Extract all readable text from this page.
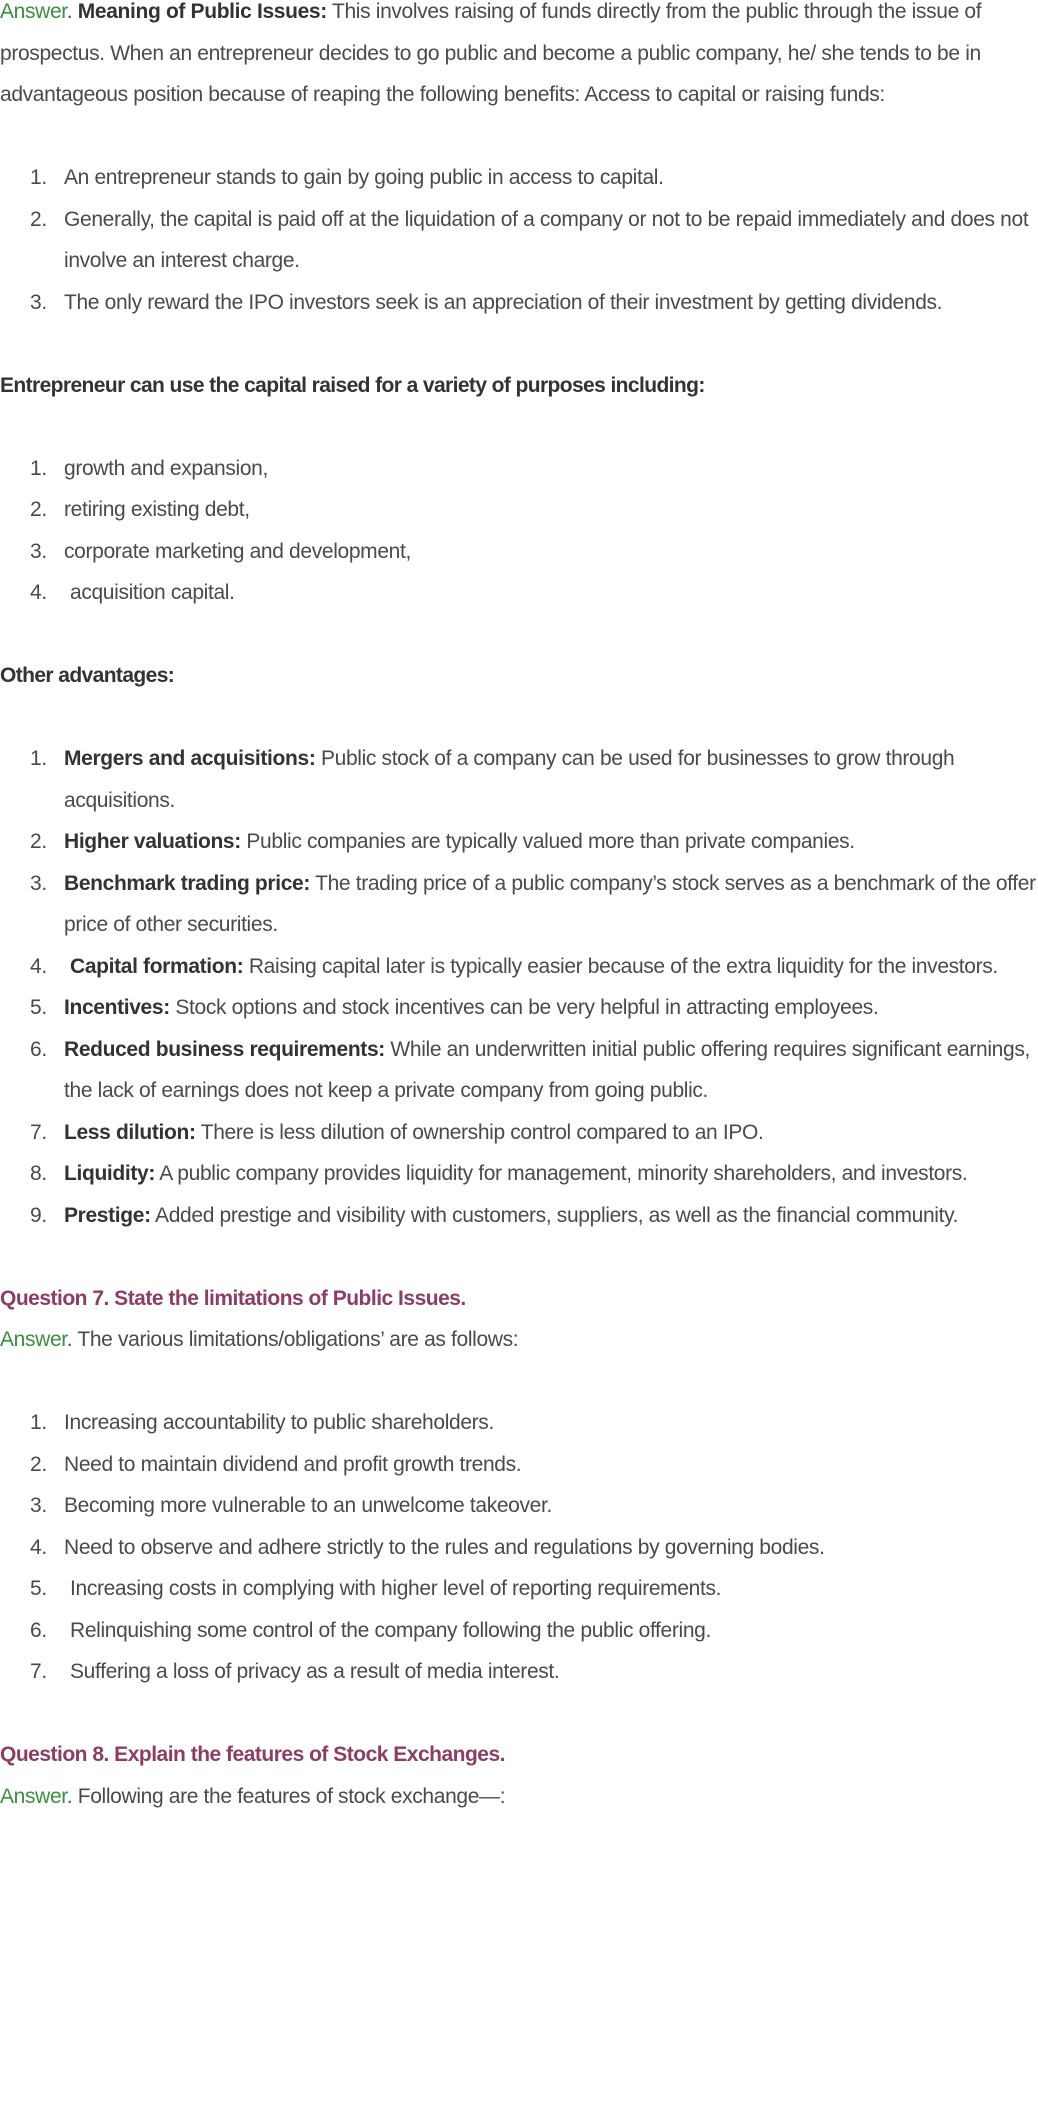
Answer. Meaning of Public Issues: This involves raising of funds directly from the public through the issue of prospectus. When an entrepreneur decides to go public and become a public company, he/ she tends to be in advantageous position because of reaping the following benefits: Access to capital or raising funds:

1. An entrepreneur stands to gain by going public in access to capital.
2. Generally, the capital is paid off at the liquidation of a company or not to be repaid immediately and does not involve an interest charge.
3. The only reward the IPO investors seek is an appreciation of their investment by getting dividends.

Entrepreneur can use the capital raised for a variety of purposes including:

1. growth and expansion,
2. retiring existing debt,
3. corporate marketing and development,
4. acquisition capital.

Other advantages:

1. Mergers and acquisitions: Public stock of a company can be used for businesses to grow through acquisitions.
2. Higher valuations: Public companies are typically valued more than private companies.
3. Benchmark trading price: The trading price of a public company’s stock serves as a benchmark of the offer price of other securities.
4. Capital formation: Raising capital later is typically easier because of the extra liquidity for the investors.
5. Incentives: Stock options and stock incentives can be very helpful in attracting employees.
6. Reduced business requirements: While an underwritten initial public offering requires significant earnings, the lack of earnings does not keep a private company from going public.
7. Less dilution: There is less dilution of ownership control compared to an IPO.
8. Liquidity: A public company provides liquidity for management, minority shareholders, and investors.
9. Prestige: Added prestige and visibility with customers, suppliers, as well as the financial community.

Question 7. State the limitations of Public Issues.

Answer. The various limitations/obligations’ are as follows:

1. Increasing accountability to public shareholders.
2. Need to maintain dividend and profit growth trends.
3. Becoming more vulnerable to an unwelcome takeover.
4. Need to observe and adhere strictly to the rules and regulations by governing bodies.
5. Increasing costs in complying with higher level of reporting requirements.
6. Relinquishing some control of the company following the public offering.
7. Suffering a loss of privacy as a result of media interest.

Question 8. Explain the features of Stock Exchanges.

Answer. Following are the features of stock exchange—:
